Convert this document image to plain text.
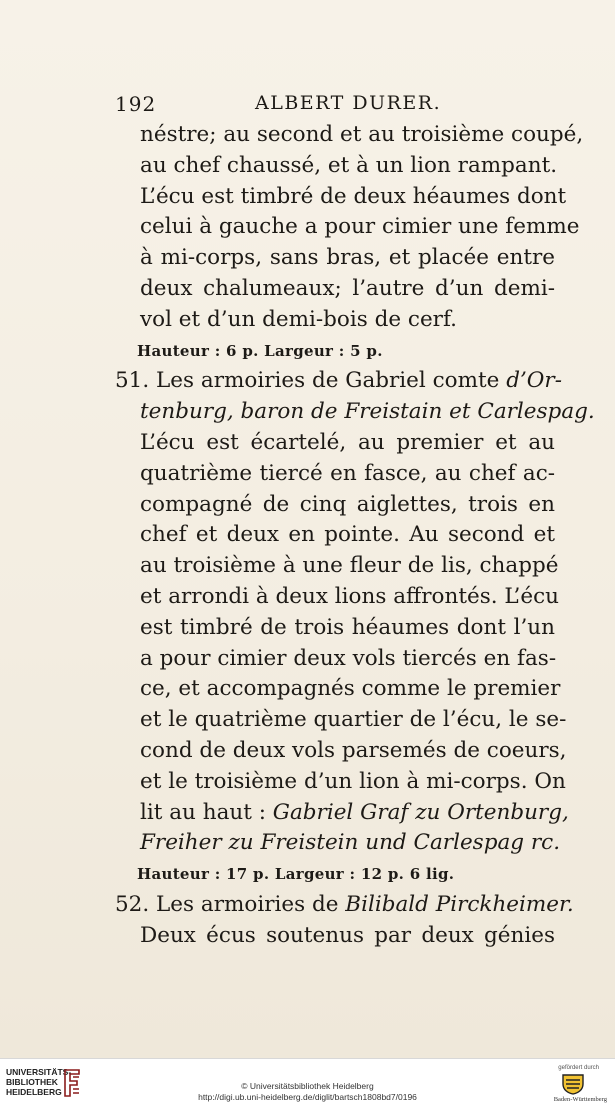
192	ALBERT DURER.
néstre; au second et au troisième coupé,
au chef chaussé, et à un lion rampant.
L’écu est timbré de deux héaumes dont
celui à gauche a pour cimier une femme
à mi-corps, sans bras, et placée entre
deux chalumeaux; l’autre d’un demi-
vol et d’un demi-bois de cerf.
Hauteur : 6 p. Largeur : 5 p.
51. Les armoiries de Gabriel comte d’Or-
tenburg, baron de Freistain et Carlespag.
L’écu est écartelé, au premier et au
quatrième tiercé en fasce, au chef ac-
compagné de cinq aiglettes, trois en
chef et deux en pointe. Au second et
au troisième à une fleur de lis, chappé
et arrondi à deux lions affrontés. L’écu
est timbré de trois héaumes dont l’un
a pour cimier deux vols tiercés en fas-
ce, et accompagnés comme le premier
et le quatrième quartier de l’écu, le se-
cond de deux vols parsemés de coeurs,
et le troisième d’un lion à mi-corps. On
lit au haut : Gabriel Graf zu Ortenburg,
Freiher zu Freistein und Carlespag rc.
Hauteur : 17 p. Largeur : 12 p. 6 lig.
52. Les armoiries de Bilibald Pirckheimer.
Deux écus soutenus par deux génies
UNIVERSITÄTS-
BIBLIOTHEK
HEIDELBERG
© Universitätsbibliothek Heidelberg
http://digi.ub.uni-heidelberg.de/diglit/bartsch1808bd7/0196
gefördert durch
Baden-Württemberg
